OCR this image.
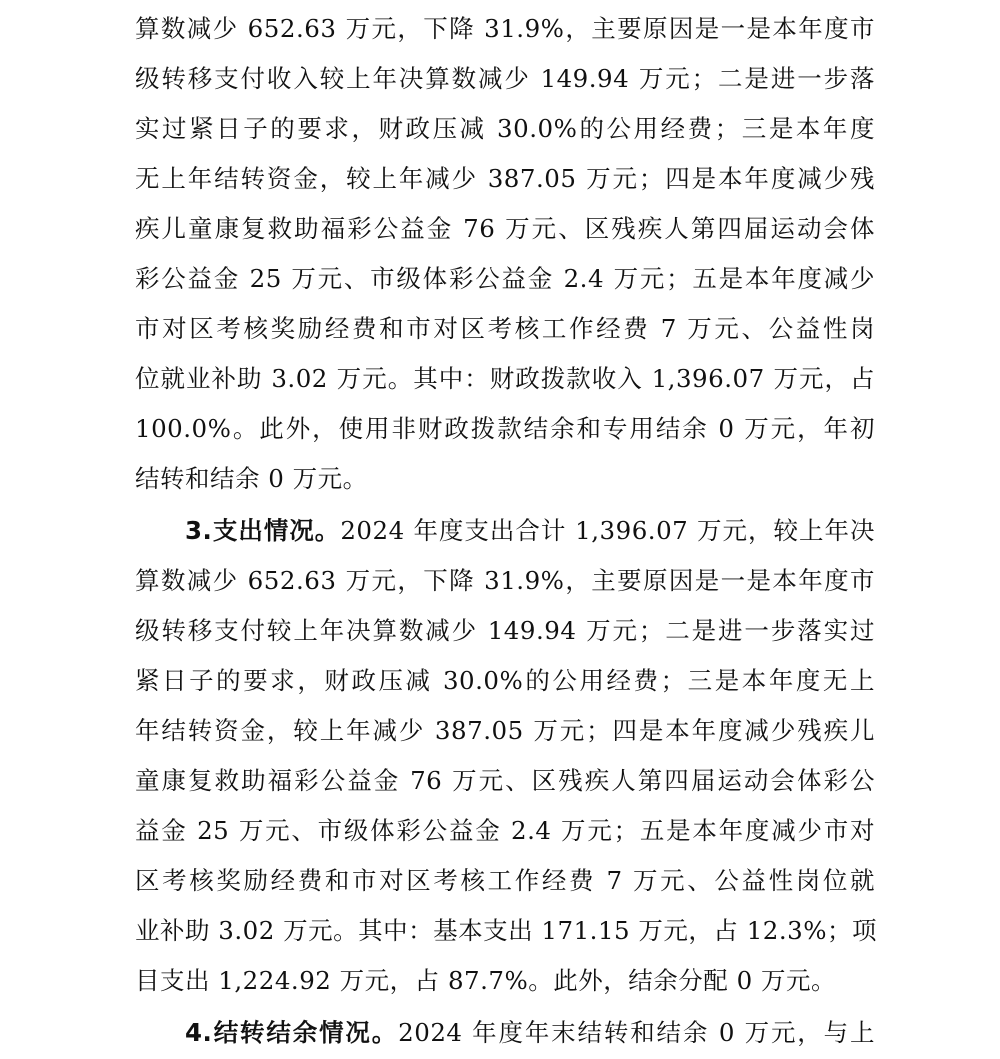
算数减少 652.63 万元，下降 31.9%，主要原因是一是本年度市
级转移支付收入较上年决算数减少 149.94 万元；二是进一步落
实过紧日子的要求，财政压减 30.0%的公用经费；三是本年度
无上年结转资金，较上年减少 387.05 万元；四是本年度减少残
疾儿童康复救助福彩公益金 76 万元、区残疾人第四届运动会体
彩公益金 25 万元、市级体彩公益金 2.4 万元；五是本年度减少
市对区考核奖励经费和市对区考核工作经费 7 万元、公益性岗
位就业补助 3.02 万元。其中：财政拨款收入 1,396.07 万元，占
100.0%。此外，使用非财政拨款结余和专用结余 0 万元，年初
结转和结余 0 万元。
3.支出情况。2024 年度支出合计 1,396.07 万元，较上年决
算数减少 652.63 万元，下降 31.9%，主要原因是一是本年度市
级转移支付较上年决算数减少 149.94 万元；二是进一步落实过
紧日子的要求，财政压减 30.0%的公用经费；三是本年度无上
年结转资金，较上年减少 387.05 万元；四是本年度减少残疾儿
童康复救助福彩公益金 76 万元、区残疾人第四届运动会体彩公
益金 25 万元、市级体彩公益金 2.4 万元；五是本年度减少市对
区考核奖励经费和市对区考核工作经费 7 万元、公益性岗位就
业补助 3.02 万元。其中：基本支出 171.15 万元，占 12.3%；项
目支出 1,224.92 万元，占 87.7%。此外，结余分配 0 万元。
4.结转结余情况。2024 年度年末结转和结余 0 万元，与上
